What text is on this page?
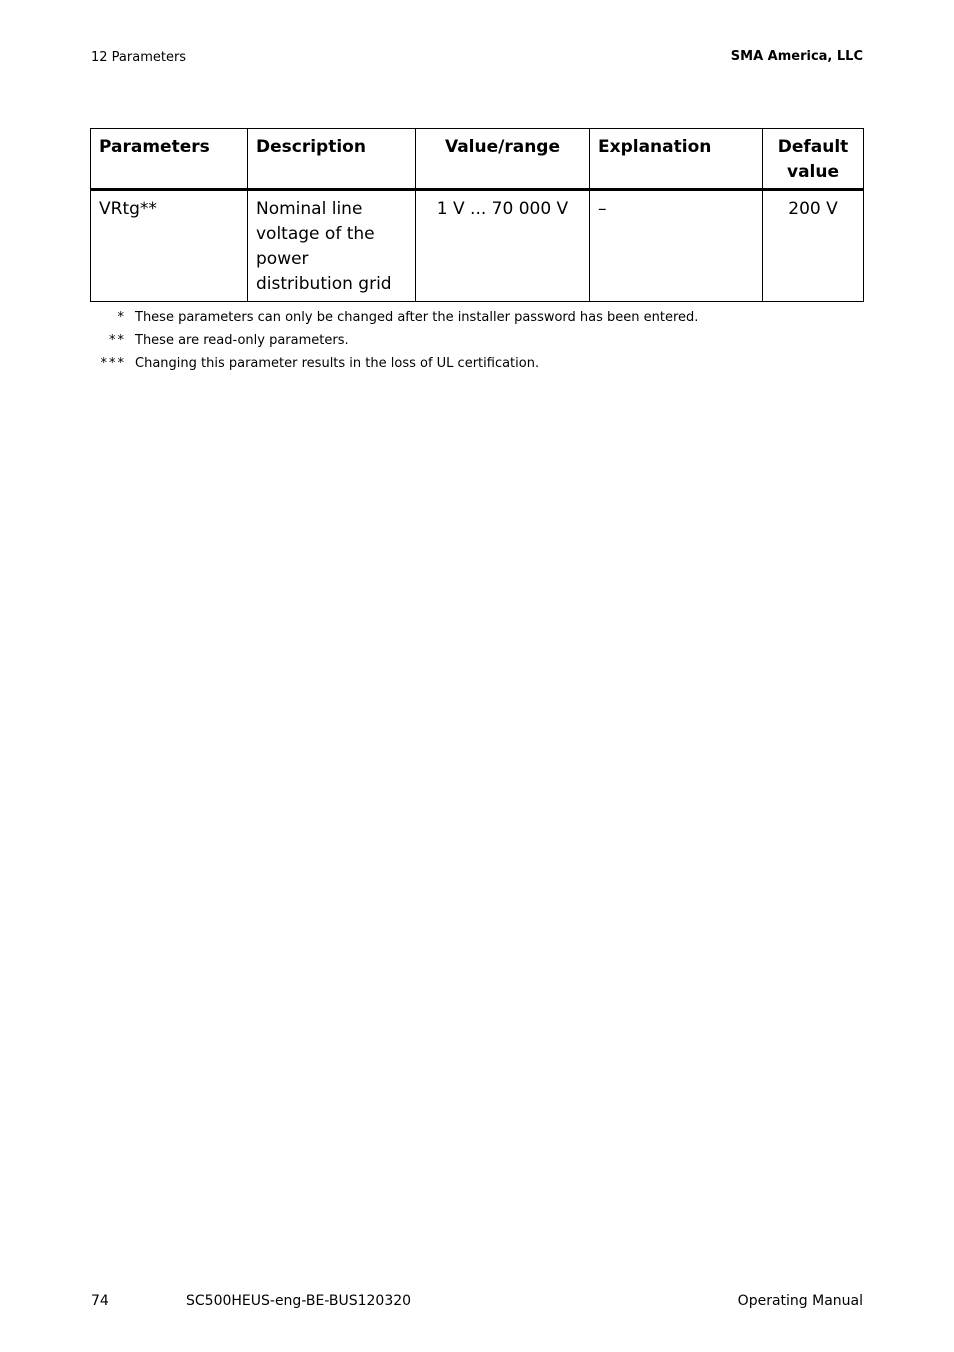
12 Parameters	SMA America, LLC
Parameters	Description	Value/range	Explanation	Default value
VRtg**	Nominal line voltage of the power distribution grid	1 V ... 70 000 V	–	200 V
* These parameters can only be changed after the installer password has been entered.
** These are read-only parameters.
*** Changing this parameter results in the loss of UL certification.
74	SC500HEUS-eng-BE-BUS120320	Operating Manual
